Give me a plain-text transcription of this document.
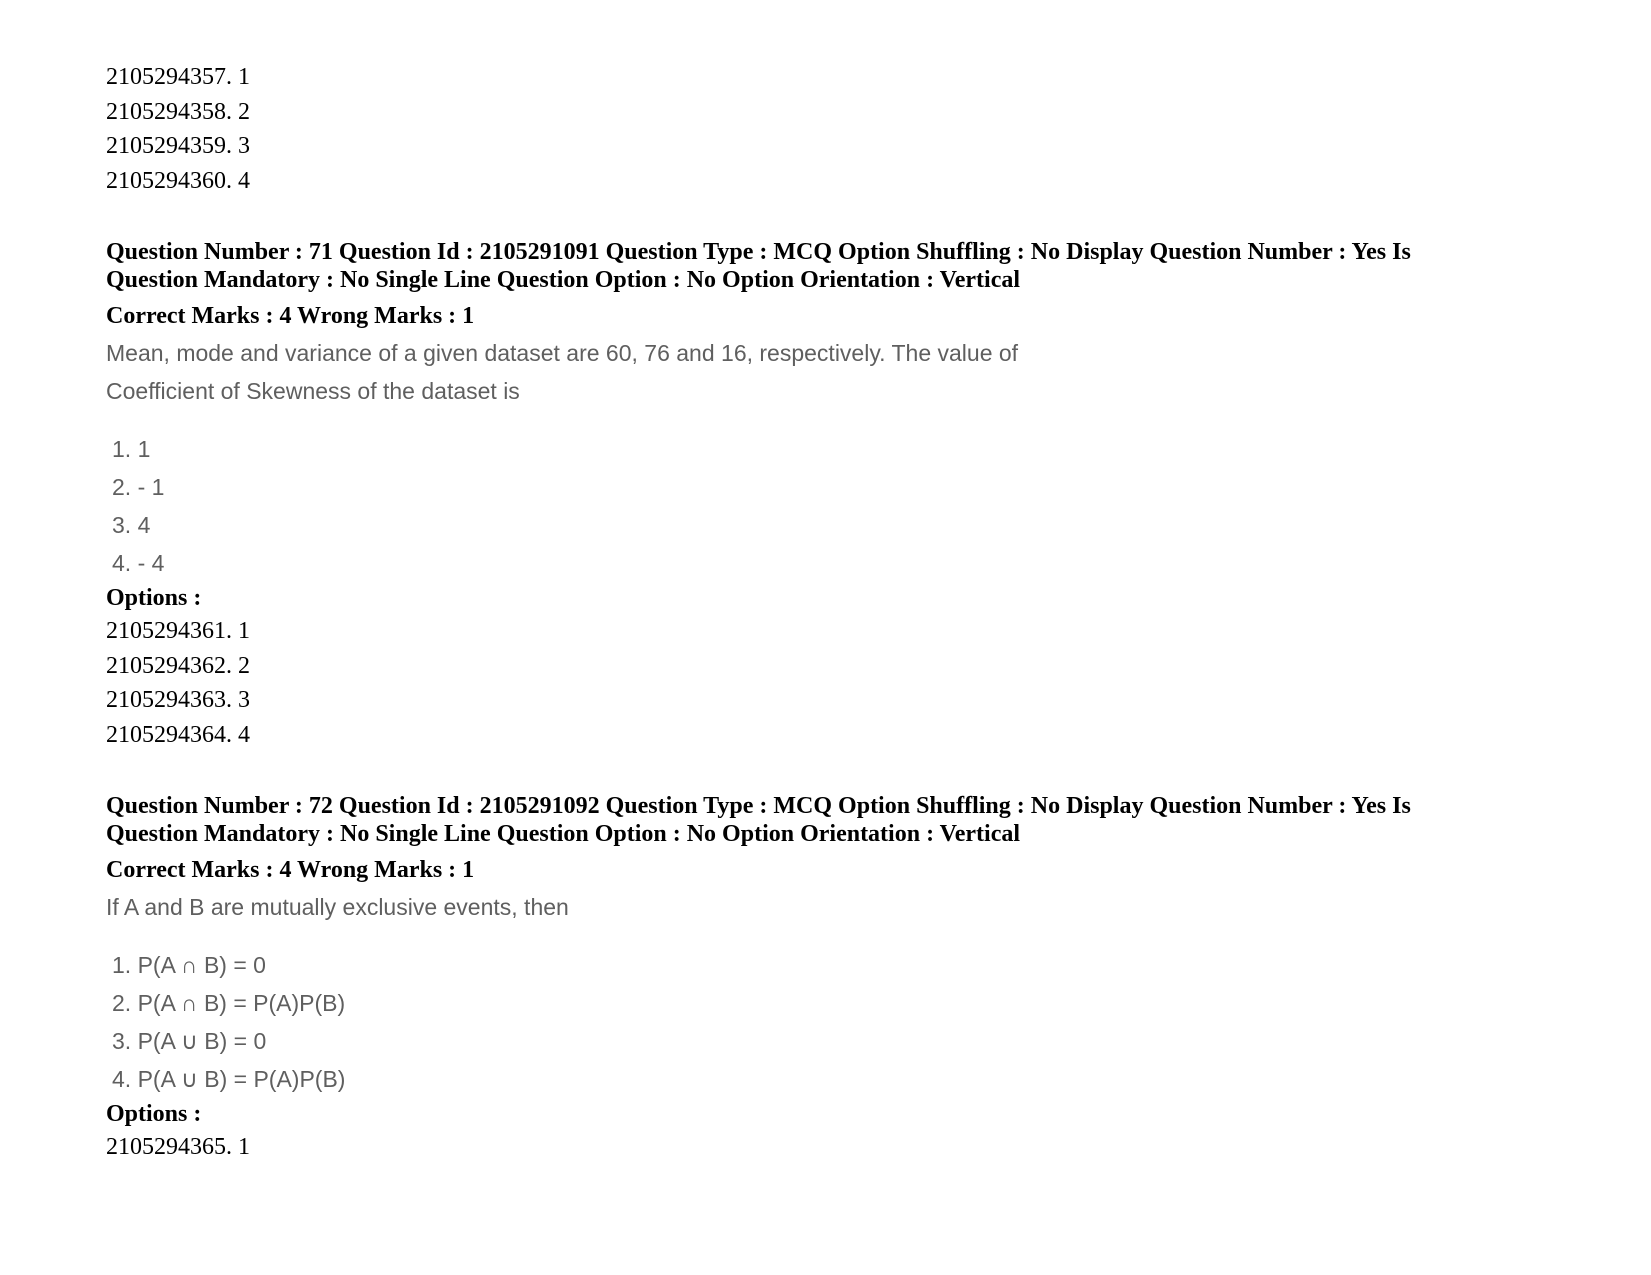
2105294357. 1
2105294358. 2
2105294359. 3
2105294360. 4
Question Number : 71 Question Id : 2105291091 Question Type : MCQ Option Shuffling : No Display Question Number : Yes Is
Question Mandatory : No Single Line Question Option : No Option Orientation : Vertical
Correct Marks : 4 Wrong Marks : 1
Mean, mode and variance of a given dataset are 60, 76 and 16, respectively. The value of
Coefficient of Skewness of the dataset is
1. 1
2. - 1
3. 4
4. - 4
Options :
2105294361. 1
2105294362. 2
2105294363. 3
2105294364. 4
Question Number : 72 Question Id : 2105291092 Question Type : MCQ Option Shuffling : No Display Question Number : Yes Is
Question Mandatory : No Single Line Question Option : No Option Orientation : Vertical
Correct Marks : 4 Wrong Marks : 1
If A and B are mutually exclusive events, then
1. P(A ∩ B) = 0
2. P(A ∩ B) = P(A)P(B)
3. P(A ∪ B) = 0
4. P(A ∪ B) = P(A)P(B)
Options :
2105294365. 1
